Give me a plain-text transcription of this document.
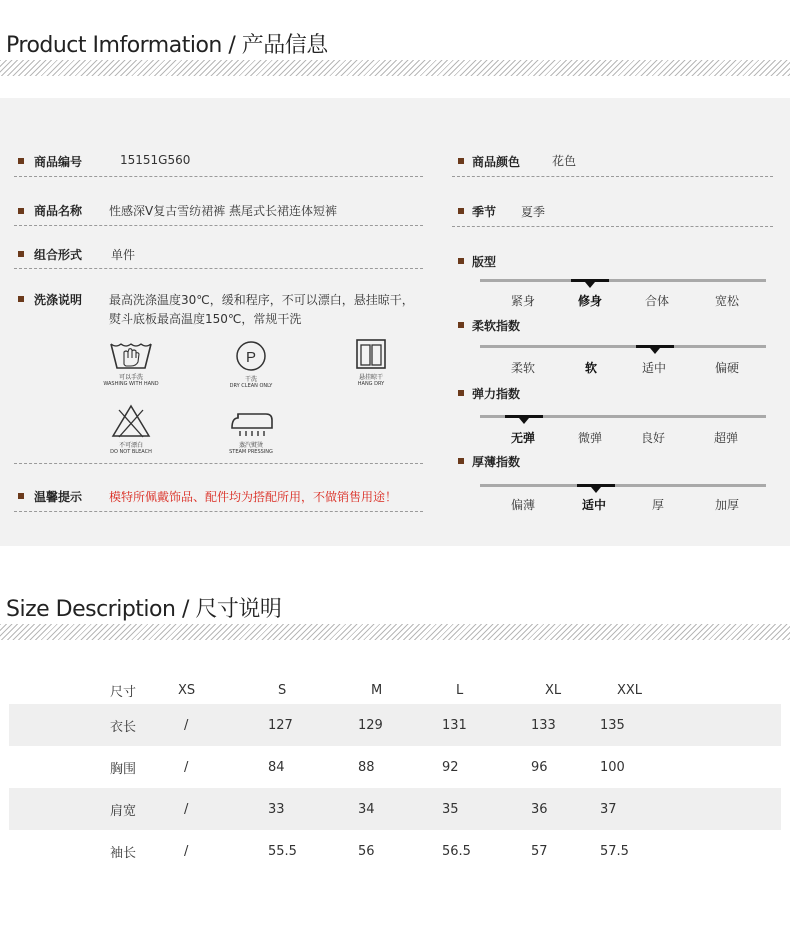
Product Imformation / 产品信息
商品编号	15151G560
商品名称 性感深V复古雪纺裙裤 燕尾式长裙连体短裤
组合形式 单件
洗涤说明 最高洗涤温度30℃，缓和程序，不可以漂白，悬挂晾干，
熨斗底板最高温度150℃，常规干洗
可以手洗
WASHING WITH HAND
P
干洗
DRY CLEAN ONLY
悬挂晾干
HANG DRY
不可漂白
DO NOT BLEACH
蒸汽熨烫
STEAM PRESSING
温馨提示 模特所佩戴饰品、配件均为搭配所用，不做销售用途！
商品颜色	花色
季节 夏季
版型
紧身	修身	合体	宽松
柔软指数
柔软	软	适中	偏硬
弹力指数
无弹	微弹	良好	超弹
厚薄指数
偏薄	适中	厚	加厚
Size Description / 尺寸说明
尺寸	XS	S	M	L	XL	XXL
衣长	/	127	129	131	133	135
胸围	/	84	88	92	96	100
肩宽	/	33	34	35	36	37
袖长	/	55.5	56	56.5	57	57.5
